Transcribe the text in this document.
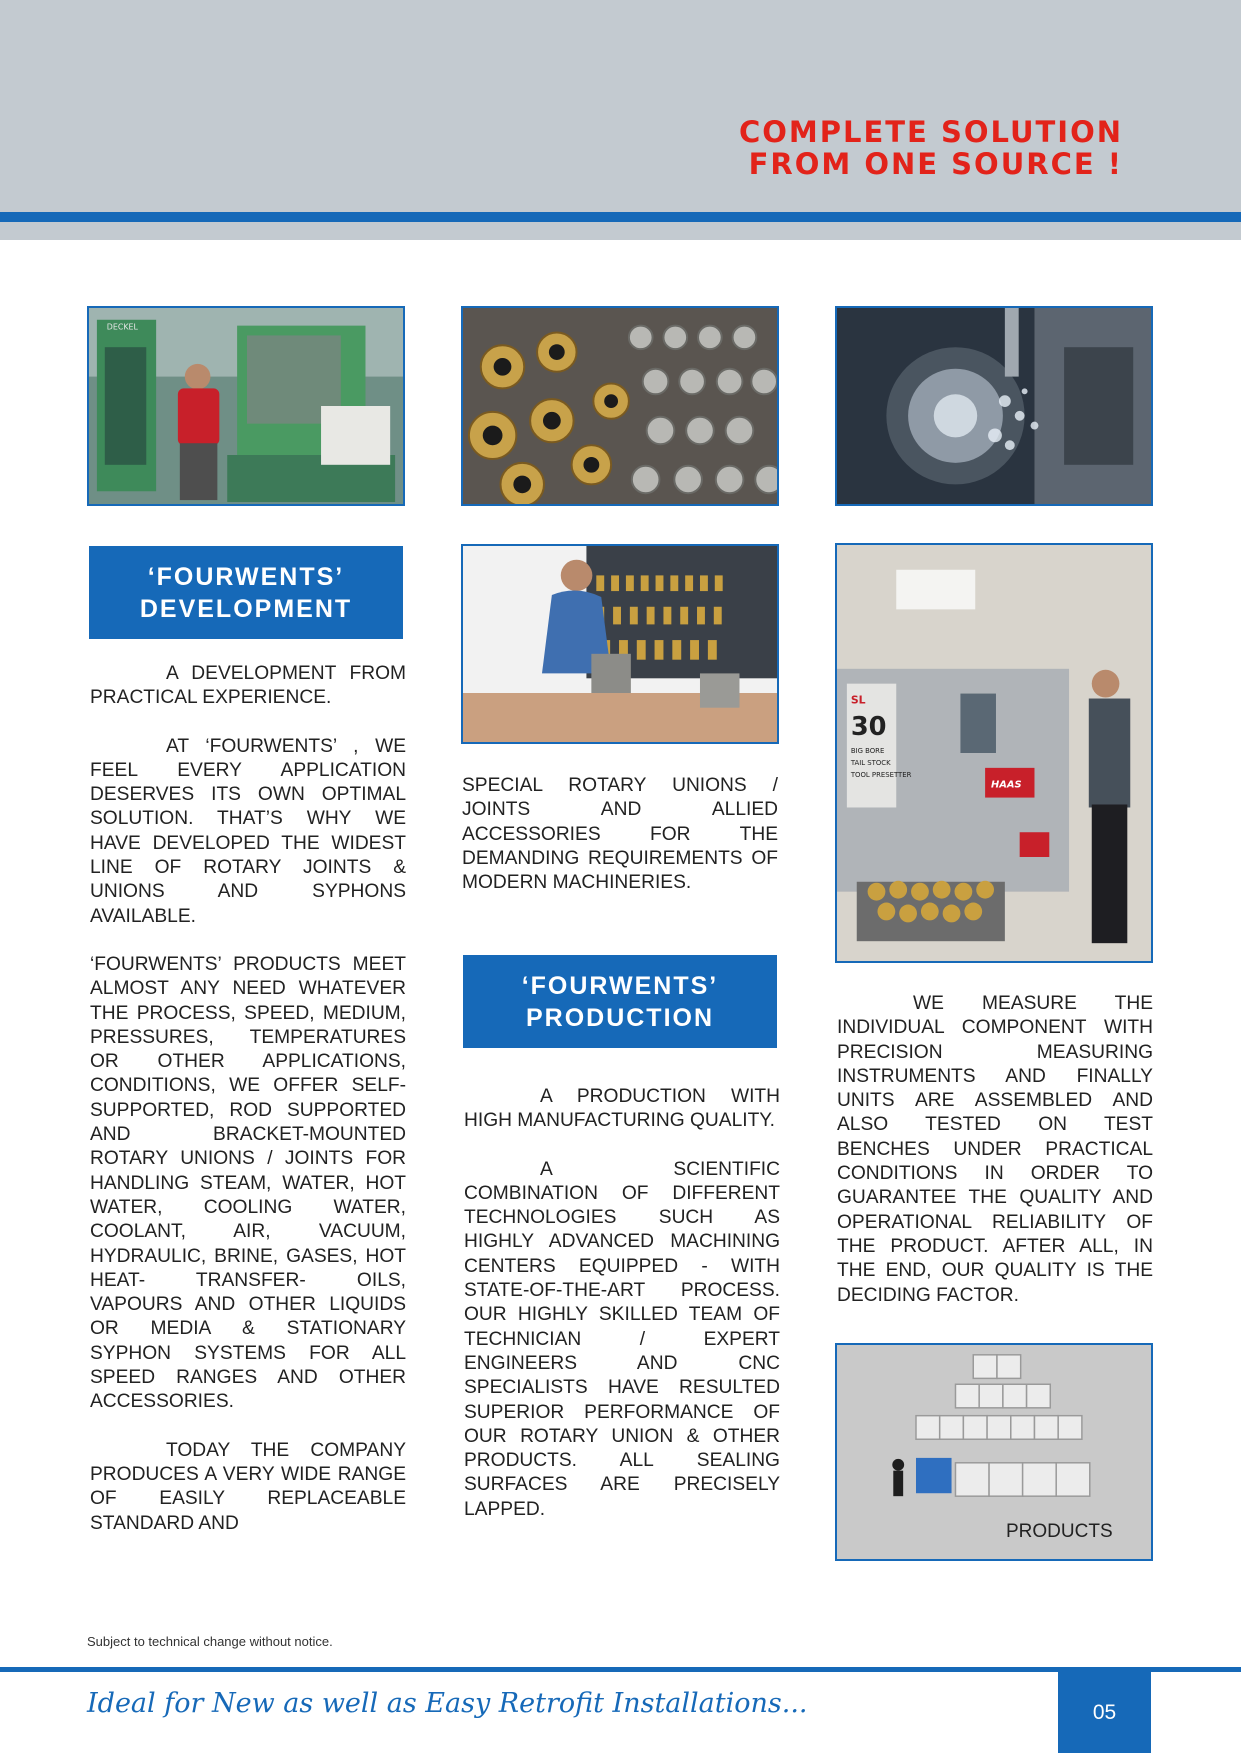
COMPLETE SOLUTION
FROM ONE SOURCE !
DECKEL
‘FOURWENTS’
DEVELOPMENT

A DEVELOPMENT FROM PRACTICAL EXPERIENCE.

AT ‘FOURWENTS’ , WE FEEL EVERY APPLICATION DESERVES ITS OWN OPTIMAL SOLUTION. THAT’S WHY WE HAVE DEVELOPED THE WIDEST LINE OF ROTARY JOINTS & UNIONS AND SYPHONS AVAILABLE.

‘FOURWENTS’ PRODUCTS MEET ALMOST ANY NEED WHATEVER THE PROCESS, SPEED, MEDIUM, PRESSURES, TEMPERATURES OR OTHER APPLICATIONS, CONDITIONS, WE OFFER SELF-SUPPORTED, ROD SUPPORTED AND BRACKET-MOUNTED ROTARY UNIONS / JOINTS FOR HANDLING STEAM, WATER, HOT WATER, COOLING WATER, COOLANT, AIR, VACUUM, HYDRAULIC, BRINE, GASES, HOT HEAT- TRANSFER- OILS, VAPOURS AND OTHER LIQUIDS OR MEDIA & STATIONARY SYPHON SYSTEMS FOR ALL SPEED RANGES AND OTHER ACCESSORIES.

TODAY THE COMPANY PRODUCES A VERY WIDE RANGE OF EASILY REPLACEABLE STANDARD AND

SPECIAL ROTARY UNIONS / JOINTS AND ALLIED ACCESSORIES FOR THE DEMANDING REQUIREMENTS OF MODERN MACHINERIES.

‘FOURWENTS’
PRODUCTION

A PRODUCTION WITH HIGH MANUFACTURING QUALITY.

A SCIENTIFIC COMBINATION OF DIFFERENT TECHNOLOGIES SUCH AS HIGHLY ADVANCED MACHINING CENTERS EQUIPPED - WITH STATE-OF-THE-ART PROCESS. OUR HIGHLY SKILLED TEAM OF TECHNICIAN / EXPERT ENGINEERS AND CNC SPECIALISTS HAVE RESULTED SUPERIOR PERFORMANCE OF OUR ROTARY UNION & OTHER PRODUCTS. ALL SEALING SURFACES ARE PRECISELY LAPPED.

SL
30
BIG BORE
TAIL STOCK
TOOL PRESETTER
HAAS

WE MEASURE THE INDIVIDUAL COMPONENT WITH PRECISION MEASURING INSTRUMENTS AND FINALLY UNITS ARE ASSEMBLED AND ALSO TESTED ON TEST BENCHES UNDER PRACTICAL CONDITIONS IN ORDER TO GUARANTEE THE QUALITY AND OPERATIONAL RELIABILITY OF THE PRODUCT. AFTER ALL, IN THE END, OUR QUALITY IS THE DECIDING FACTOR.

PRODUCTS
Subject to technical change without notice.
Ideal for New as well as Easy Retrofit Installations...	05
